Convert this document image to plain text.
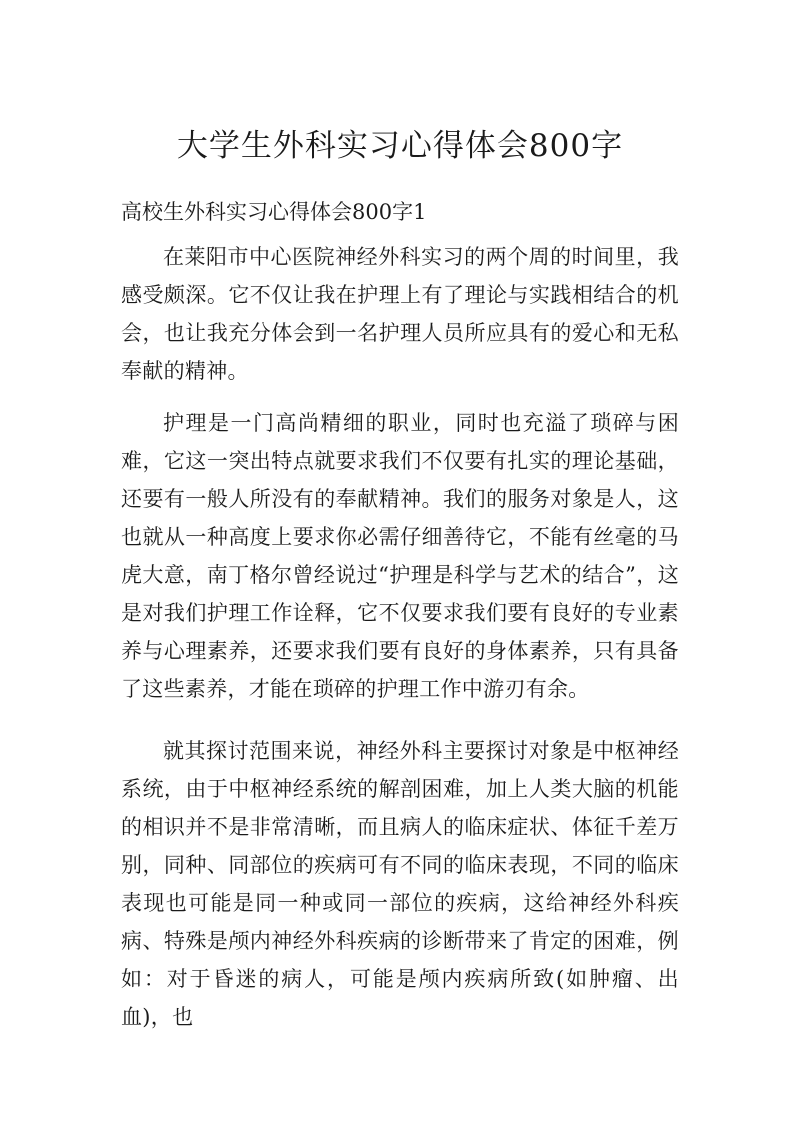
大学生外科实习心得体会800字
高校生外科实习心得体会800字1

在莱阳市中心医院神经外科实习的两个周的时间里，我感受颇深。它不仅让我在护理上有了理论与实践相结合的机会，也让我充分体会到一名护理人员所应具有的爱心和无私奉献的精神。

护理是一门高尚精细的职业，同时也充溢了琐碎与困难，它这一突出特点就要求我们不仅要有扎实的理论基础，还要有一般人所没有的奉献精神。我们的服务对象是人，这也就从一种高度上要求你必需仔细善待它，不能有丝毫的马虎大意，南丁格尔曾经说过“护理是科学与艺术的结合”，这是对我们护理工作诠释，它不仅要求我们要有良好的专业素养与心理素养，还要求我们要有良好的身体素养，只有具备了这些素养，才能在琐碎的护理工作中游刃有余。

就其探讨范围来说，神经外科主要探讨对象是中枢神经系统，由于中枢神经系统的解剖困难，加上人类大脑的机能的相识并不是非常清晰，而且病人的临床症状、体征千差万别，同种、同部位的疾病可有不同的临床表现，不同的临床表现也可能是同一种或同一部位的疾病，这给神经外科疾病、特殊是颅内神经外科疾病的诊断带来了肯定的困难，例如：对于昏迷的病人，可能是颅内疾病所致(如肿瘤、出血)，也
